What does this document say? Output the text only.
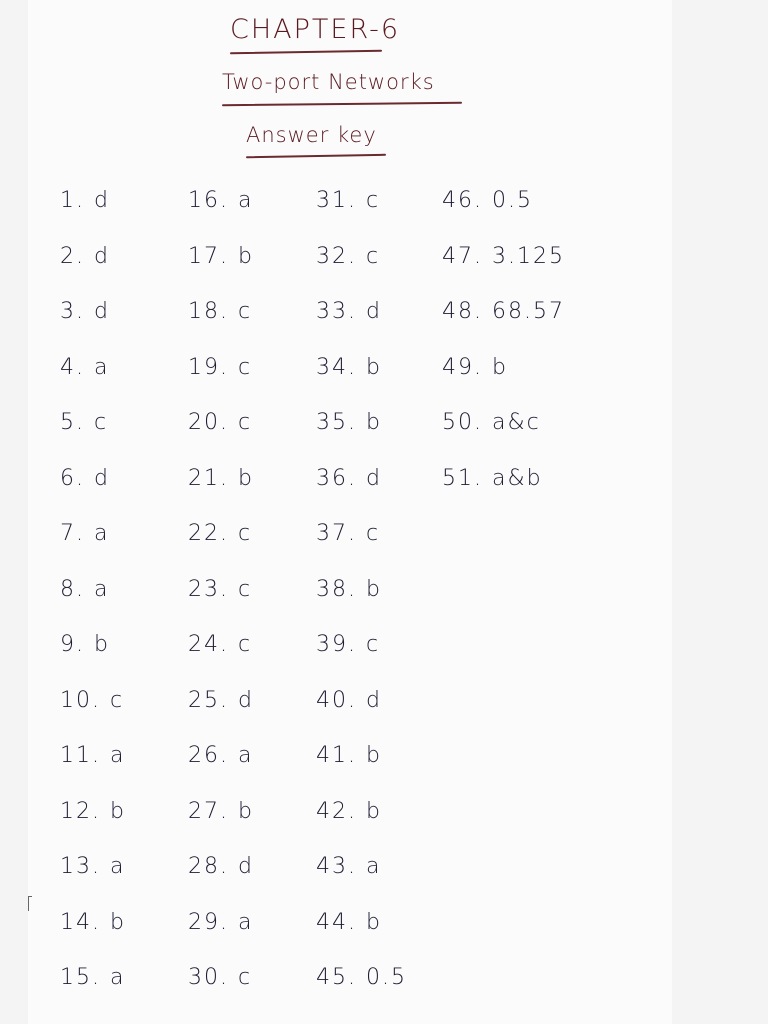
CHAPTER-6
Two-port Networks
Answer key
1. d
2. d
3. d
4. a
5. c
6. d
7. a
8. a
9. b
10. c
11. a
12. b
13. a
14. b
15. a
16. a
17. b
18. c
19. c
20. c
21. b
22. c
23. c
24. c
25. d
26. a
27. b
28. d
29. a
30. c
31. c
32. c
33. d
34. b
35. b
36. d
37. c
38. b
39. c
40. d
41. b
42. b
43. a
44. b
45. 0.5
46. 0.5
47. 3.125
48. 68.57
49. b
50. a&c
51. a&b
